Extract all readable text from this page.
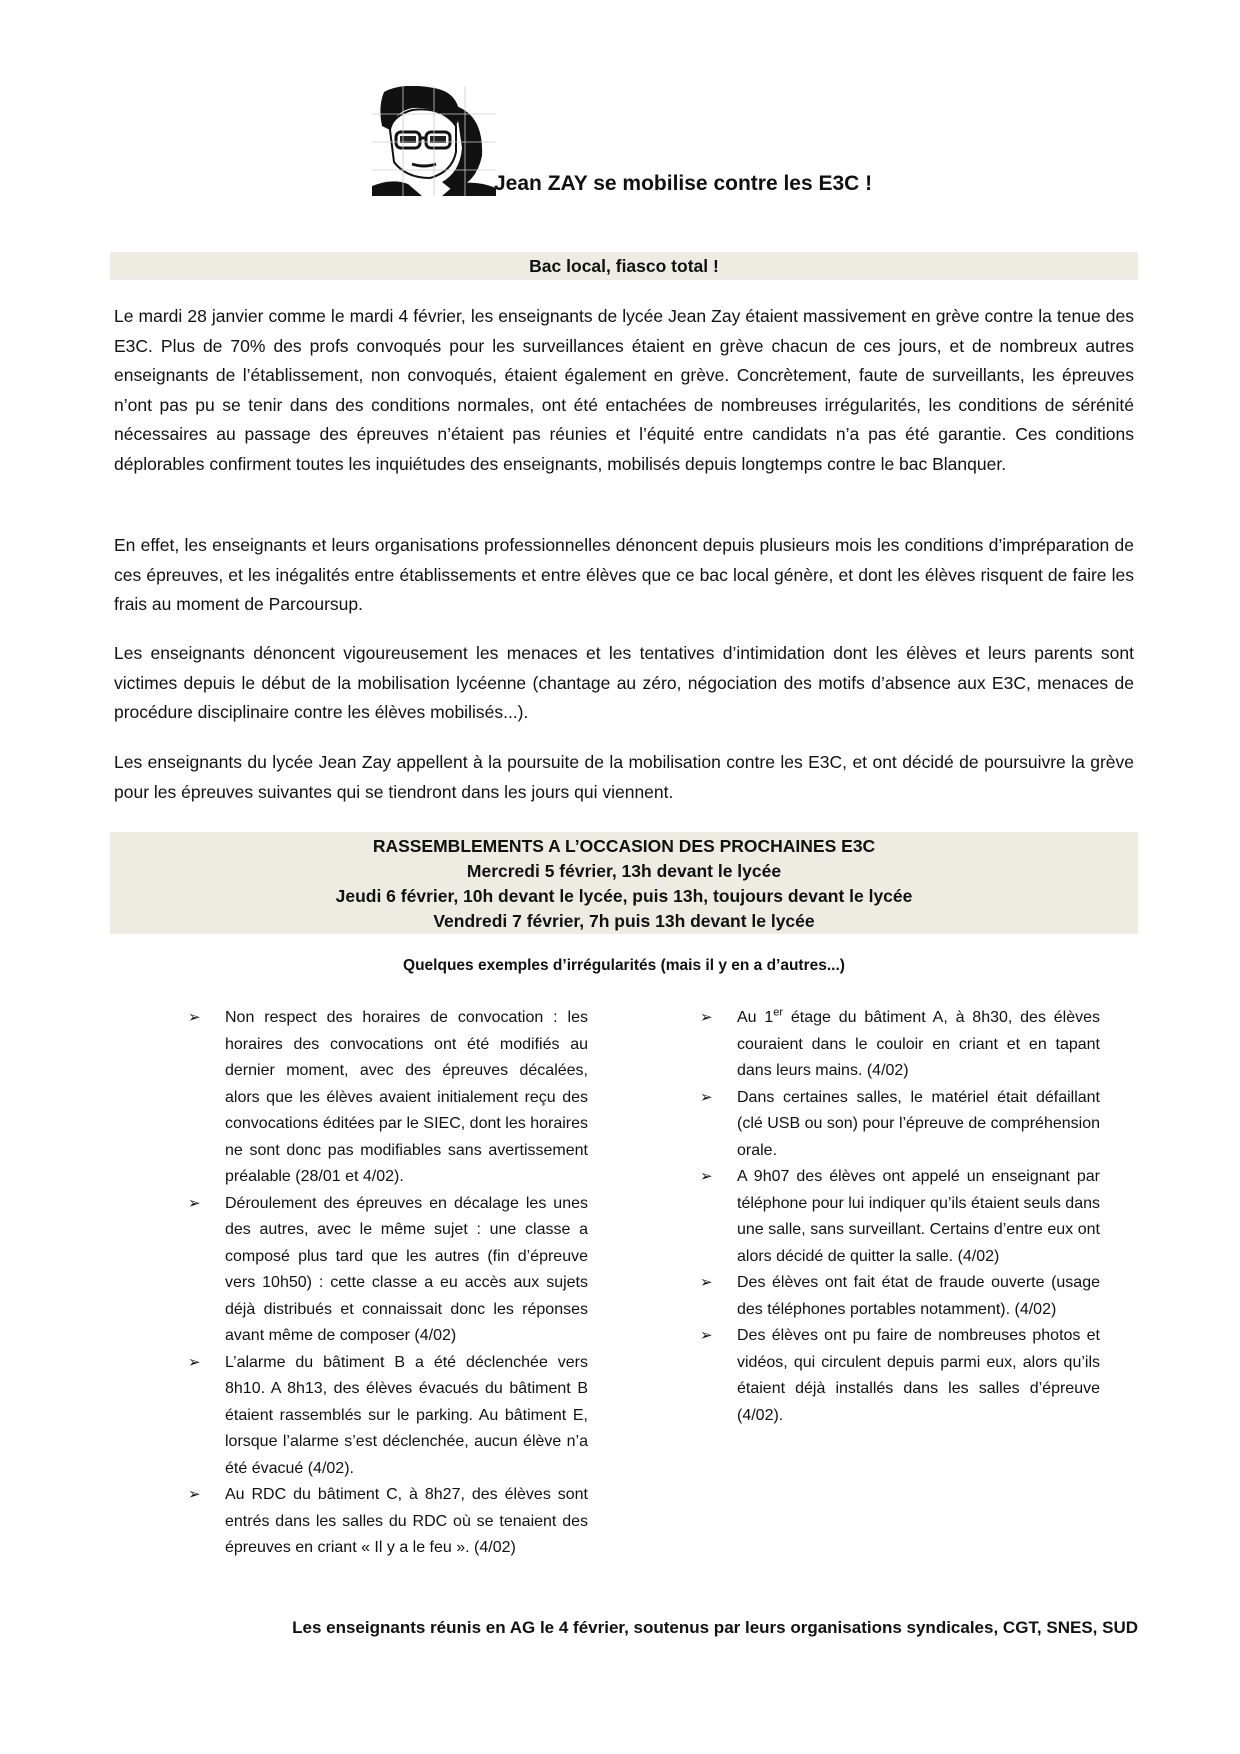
Jean ZAY se mobilise contre les E3C !
Bac local, fiasco total !

Le mardi 28 janvier comme le mardi 4 février, les enseignants de lycée Jean Zay étaient massivement en grève contre la tenue des E3C. Plus de 70% des profs convoqués pour les surveillances étaient en grève chacun de ces jours, et de nombreux autres enseignants de l’établissement, non convoqués, étaient également en grève. Concrètement, faute de surveillants, les épreuves n’ont pas pu se tenir dans des conditions normales, ont été entachées de nombreuses irrégularités, les conditions de sérénité nécessaires au passage des épreuves n’étaient pas réunies et l’équité entre candidats n’a pas été garantie. Ces conditions déplorables confirment toutes les inquiétudes des enseignants, mobilisés depuis longtemps contre le bac Blanquer.

En effet, les enseignants et leurs organisations professionnelles dénoncent depuis plusieurs mois les conditions d’impréparation de ces épreuves, et les inégalités entre établissements et entre élèves que ce bac local génère, et dont les élèves risquent de faire les frais au moment de Parcoursup.

Les enseignants dénoncent vigoureusement les menaces et les tentatives d’intimidation dont les élèves et leurs parents sont victimes depuis le début de la mobilisation lycéenne (chantage au zéro, négociation des motifs d’absence aux E3C, menaces de procédure disciplinaire contre les élèves mobilisés...).

Les enseignants du lycée Jean Zay appellent à la poursuite de la mobilisation contre les E3C, et ont décidé de poursuivre la grève pour les épreuves suivantes qui se tiendront dans les jours qui viennent.

RASSEMBLEMENTS A L’OCCASION DES PROCHAINES E3C
Mercredi 5 février, 13h devant le lycée
Jeudi 6 février, 10h devant le lycée, puis 13h, toujours devant le lycée
Vendredi 7 février, 7h puis 13h devant le lycée
Quelques exemples d’irrégularités (mais il y en a d’autres...)
➢ Non respect des horaires de convocation : les horaires des convocations ont été modifiés au dernier moment, avec des épreuves décalées, alors que les élèves avaient initialement reçu des convocations éditées par le SIEC, dont les horaires ne sont donc pas modifiables sans avertissement préalable (28/01 et 4/02).
➢ Déroulement des épreuves en décalage les unes des autres, avec le même sujet : une classe a composé plus tard que les autres (fin d’épreuve vers 10h50) : cette classe a eu accès aux sujets déjà distribués et connaissait donc les réponses avant même de composer (4/02)
➢ L’alarme du bâtiment B a été déclenchée vers 8h10. A 8h13, des élèves évacués du bâtiment B étaient rassemblés sur le parking. Au bâtiment E, lorsque l’alarme s’est déclenchée, aucun élève n’a été évacué (4/02).
➢ Au RDC du bâtiment C, à 8h27, des élèves sont entrés dans les salles du RDC où se tenaient des épreuves en criant « Il y a le feu ». (4/02)
➢ Au 1er étage du bâtiment A, à 8h30, des élèves couraient dans le couloir en criant et en tapant dans leurs mains. (4/02)
➢ Dans certaines salles, le matériel était défaillant (clé USB ou son) pour l’épreuve de compréhension orale.
➢ A 9h07 des élèves ont appelé un enseignant par téléphone pour lui indiquer qu’ils étaient seuls dans une salle, sans surveillant. Certains d’entre eux ont alors décidé de quitter la salle. (4/02)
➢ Des élèves ont fait état de fraude ouverte (usage des téléphones portables notamment). (4/02)
➢ Des élèves ont pu faire de nombreuses photos et vidéos, qui circulent depuis parmi eux, alors qu’ils étaient déjà installés dans les salles d’épreuve (4/02).
Les enseignants réunis en AG le 4 février, soutenus par leurs organisations syndicales, CGT, SNES, SUD
